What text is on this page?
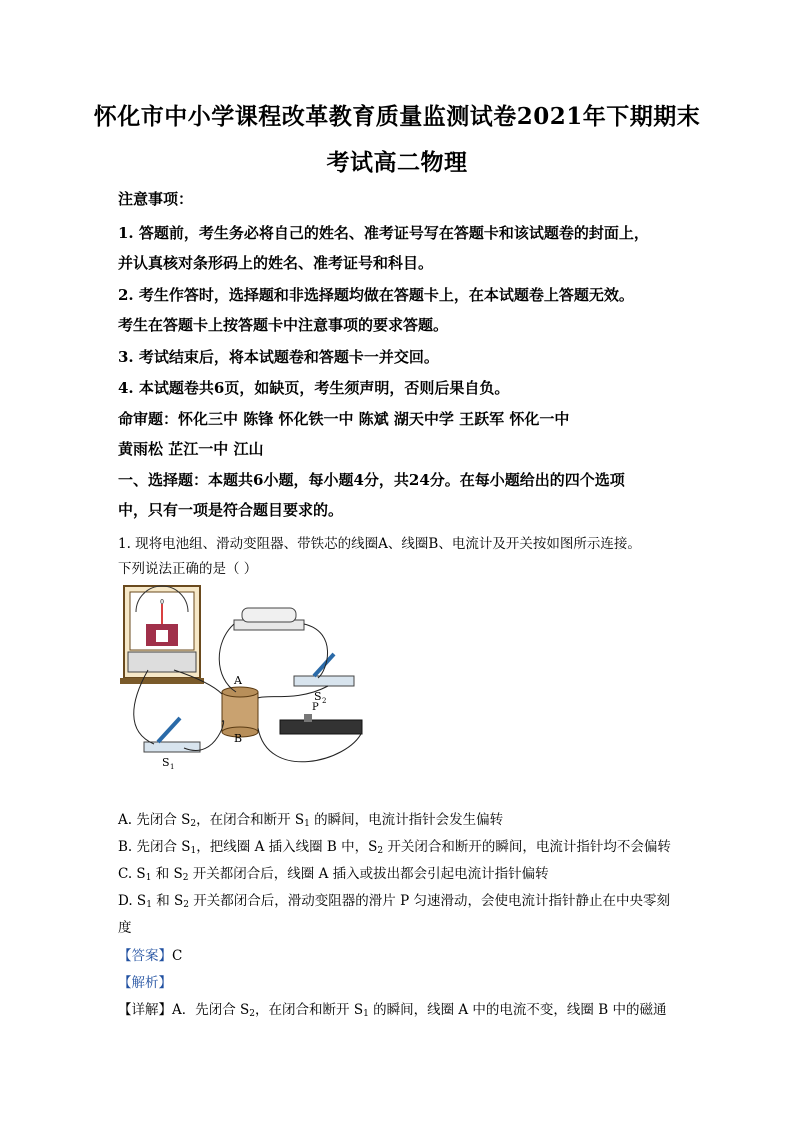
怀化市中小学课程改革教育质量监测试卷2021年下期期末
考试高二物理
注意事项：
1. 答题前，考生务必将自己的姓名、准考证号写在答题卡和该试题卷的封面上，
并认真核对条形码上的姓名、准考证号和科目。
2. 考生作答时，选择题和非选择题均做在答题卡上，在本试题卷上答题无效。
考生在答题卡上按答题卡中注意事项的要求答题。
3. 考试结束后，将本试题卷和答题卡一并交回。
4. 本试题卷共6页，如缺页，考生须声明，否则后果自负。
命审题：怀化三中 陈锋 怀化铁一中 陈斌 湖天中学 王跃军 怀化一中
黄雨松 芷江一中 江山
一、选择题：本题共6小题，每小题4分，共24分。在每小题给出的四个选项
中，只有一项是符合题目要求的。
1. 现将电池组、滑动变阻器、带铁芯的线圈A、线圈B、电流计及开关按如图所示连接。
下列说法正确的是（ ）
0
A
B
P
S 2
S 1
A. 先闭合 $S_2$，在闭合和断开 $S_1$ 的瞬间，电流计指针会发生偏转
B. 先闭合 $S_1$，把线圈 A 插入线圈 B 中，$S_2$ 开关闭合和断开的瞬间，电流计指针均不会偏转
C. $S_1$ 和 $S_2$ 开关都闭合后，线圈 A 插入或拔出都会引起电流计指针偏转
D. $S_1$ 和 $S_2$ 开关都闭合后，滑动变阻器的滑片 P 匀速滑动，会使电流计指针静止在中央零刻
度
【答案】C
【解析】
【详解】A．先闭合 $S_2$，在闭合和断开 $S_1$ 的瞬间，线圈 A 中的电流不变，线圈 B 中的磁通
